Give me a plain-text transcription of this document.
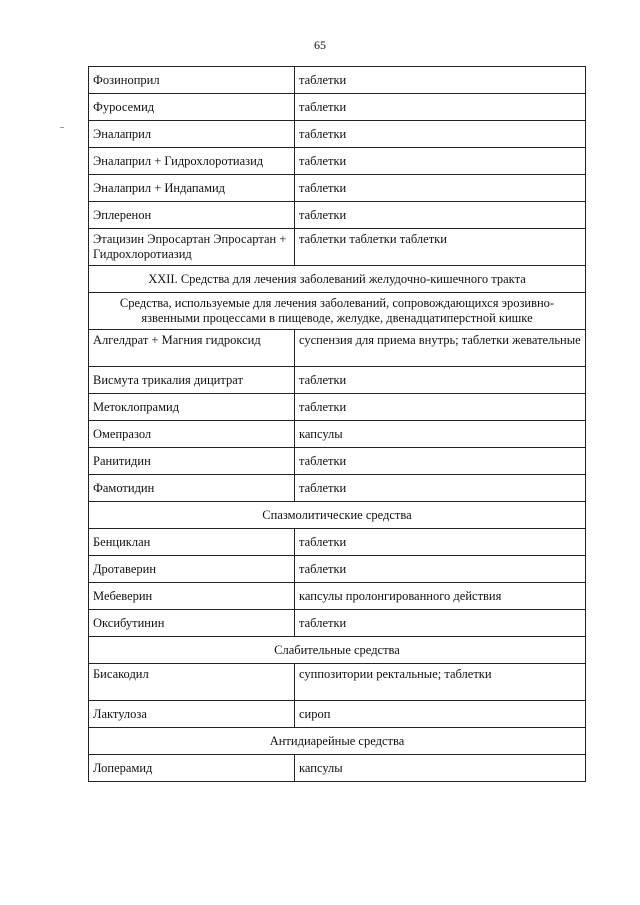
65
Фозиноприл	таблетки
Фуросемид	таблетки
Эналаприл	таблетки
Эналаприл + Гидрохлоротиазид	таблетки
Эналаприл + Индапамид	таблетки
Эплеренон	таблетки
Этацизин Эпросартан Эпросартан + Гидрохлоротиазид	таблетки таблетки таблетки
XXII. Средства для лечения заболеваний желудочно-кишечного тракта	
Средства, используемые для лечения заболеваний, сопровождающихся эрозивно-язвенными процессами в пищеводе, желудке, двенадцатиперстной кишке	
Алгелдрат + Магния гидроксид	суспензия для приема внутрь; таблетки жевательные
Висмута трикалия дицитрат	таблетки
Метоклопрамид	таблетки
Омепразол	капсулы
Ранитидин	таблетки
Фамотидин	таблетки
Спазмолитические средства	
Бенциклан	таблетки
Дротаверин	таблетки
Мебеверин	капсулы пролонгированного действия
Оксибутинин	таблетки
Слабительные средства	
Бисакодил	суппозитории ректальные; таблетки
Лактулоза	сироп
Антидиарейные средства	
Лоперамид	капсулы
